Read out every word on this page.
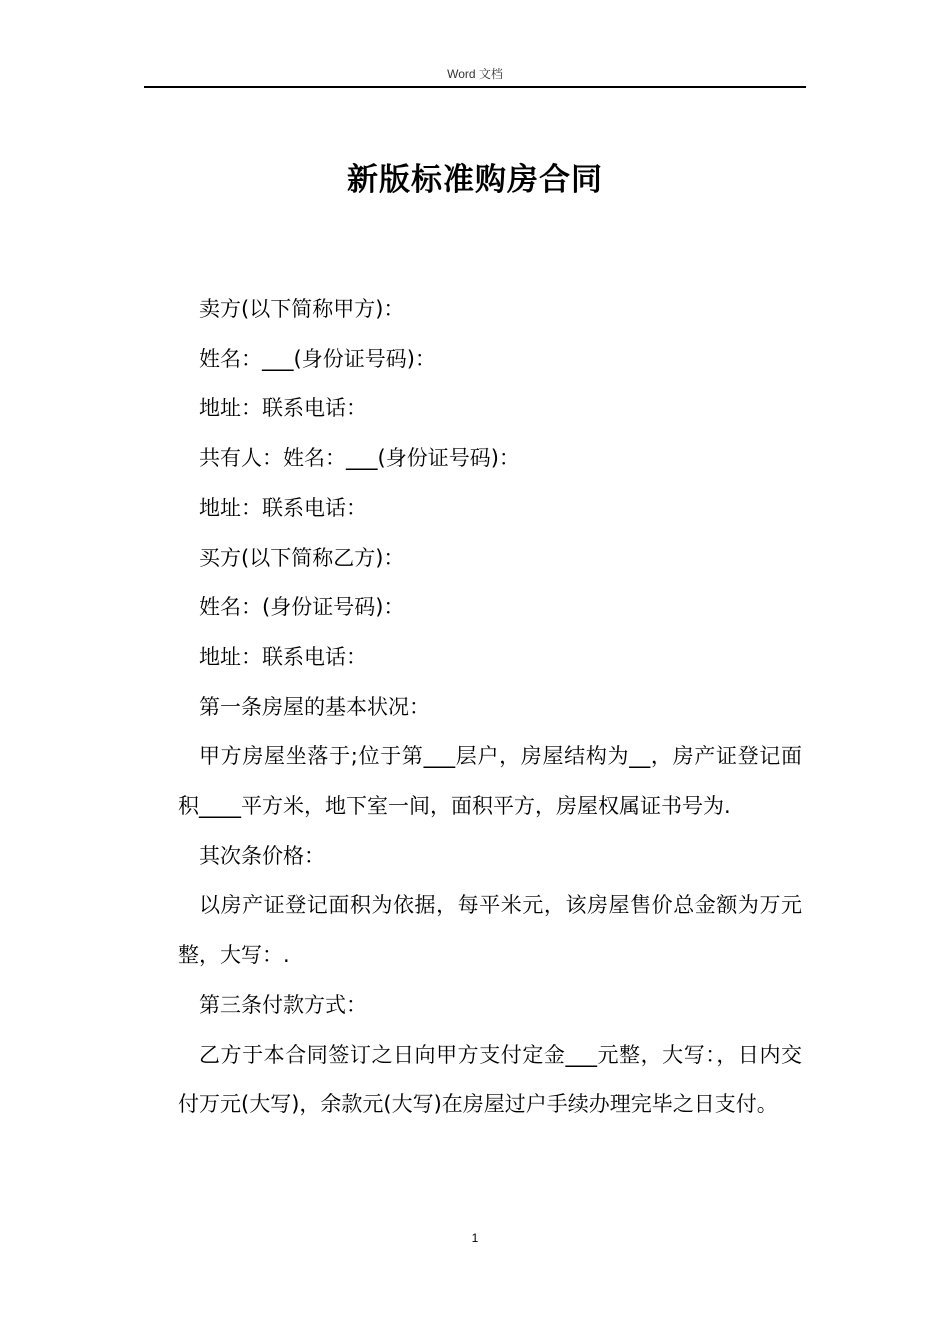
Word 文档
新版标准购房合同

卖方(以下简称甲方)：

姓名：___(身份证号码)：

地址：联系电话：

共有人：姓名：___(身份证号码)：

地址：联系电话：

买方(以下简称乙方)：

姓名：(身份证号码)：

地址：联系电话：

第一条房屋的基本状况：

甲方房屋坐落于;位于第___层户，房屋结构为__，房产证登记面积____平方米，地下室一间，面积平方，房屋权属证书号为.

其次条价格：

以房产证登记面积为依据，每平米元，该房屋售价总金额为万元整，大写：.

第三条付款方式：

乙方于本合同签订之日向甲方支付定金___元整，大写：，日内交付万元(大写)，余款元(大写)在房屋过户手续办理完毕之日支付。

1
